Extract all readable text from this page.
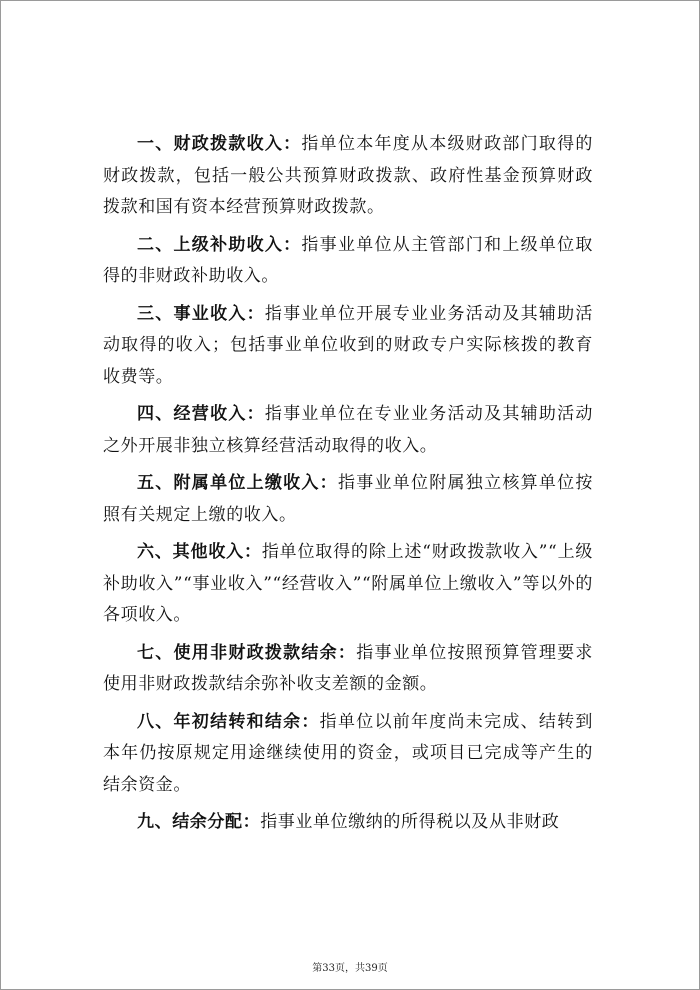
一、财政拨款收入：指单位本年度从本级财政部门取得的财政拨款，包括一般公共预算财政拨款、政府性基金预算财政拨款和国有资本经营预算财政拨款。

二、上级补助收入：指事业单位从主管部门和上级单位取得的非财政补助收入。

三、事业收入：指事业单位开展专业业务活动及其辅助活动取得的收入；包括事业单位收到的财政专户实际核拨的教育收费等。

四、经营收入：指事业单位在专业业务活动及其辅助活动之外开展非独立核算经营活动取得的收入。

五、附属单位上缴收入：指事业单位附属独立核算单位按照有关规定上缴的收入。

六、其他收入：指单位取得的除上述“财政拨款收入”“上级补助收入”“事业收入”“经营收入”“附属单位上缴收入”等以外的各项收入。

七、使用非财政拨款结余：指事业单位按照预算管理要求使用非财政拨款结余弥补收支差额的金额。

八、年初结转和结余：指单位以前年度尚未完成、结转到本年仍按原规定用途继续使用的资金，或项目已完成等产生的结余资金。

九、结余分配：指事业单位缴纳的所得税以及从非财政

第33页，共39页
